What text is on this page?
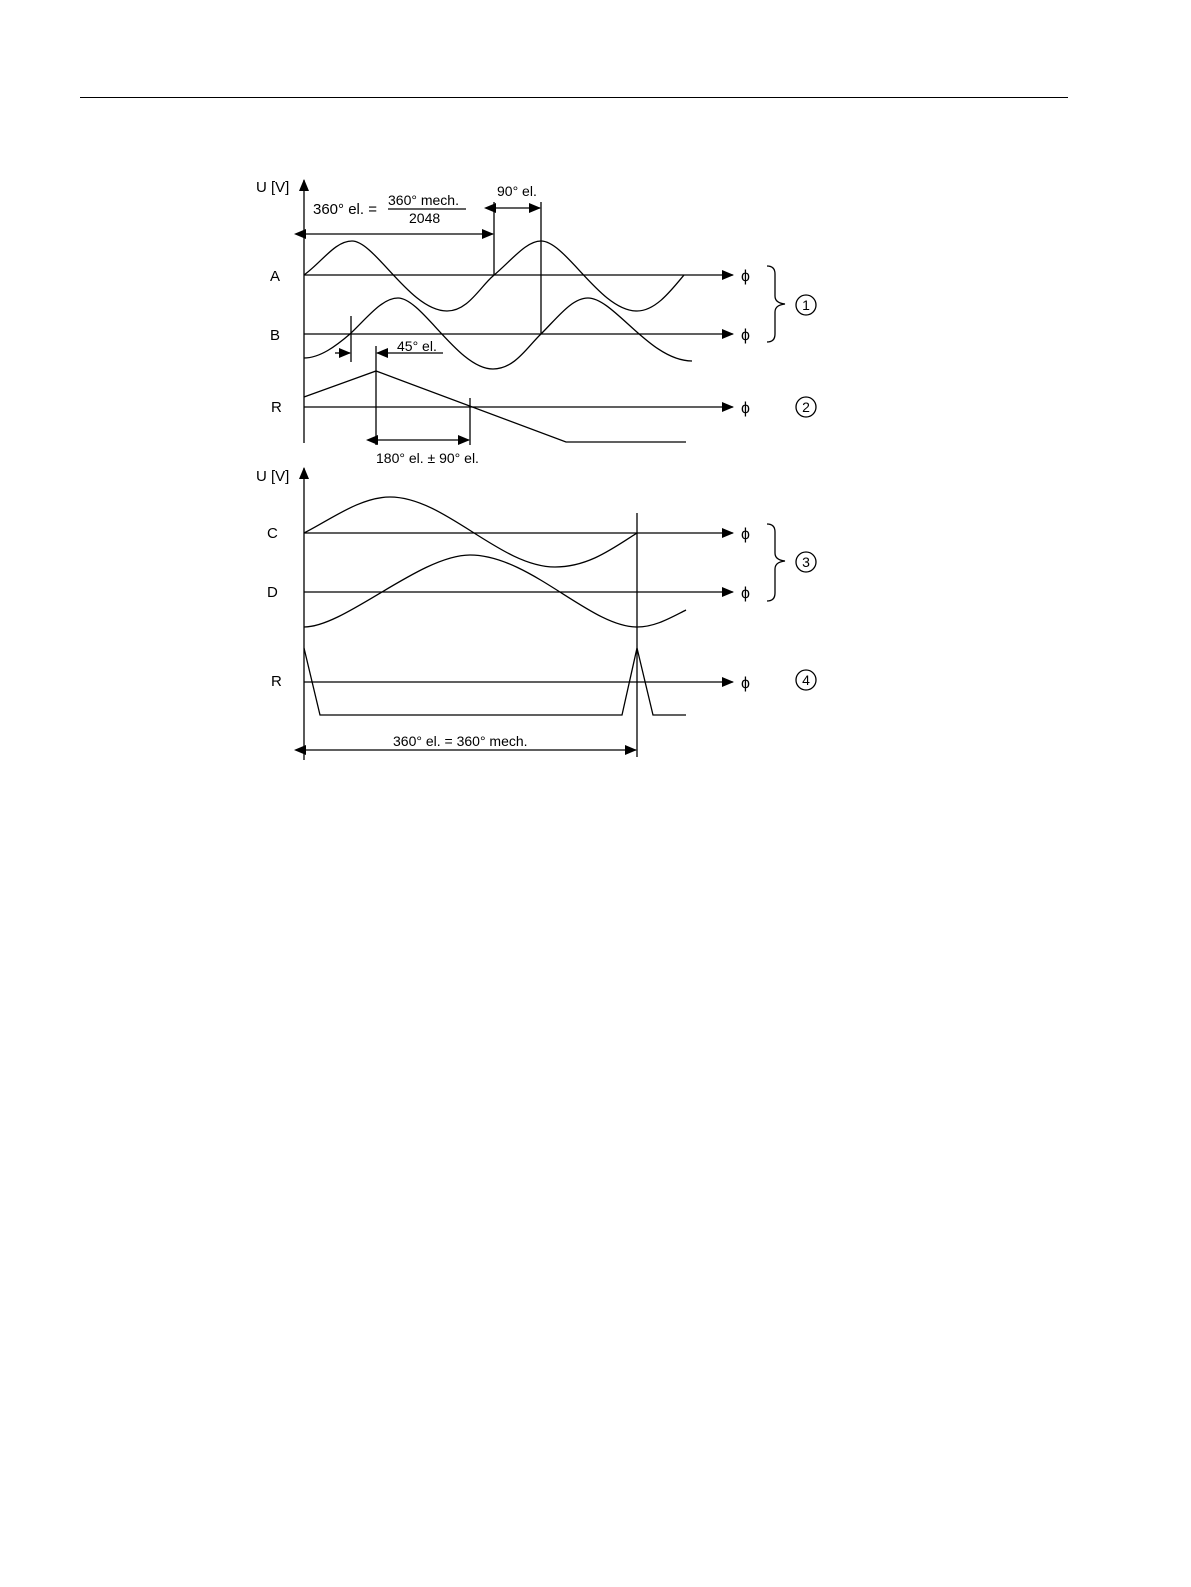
U [V]
A
B
R
360° el. =
360° mech.
2048
90° el.
45° el.
180° el. ± 90° el.
ϕ
ϕ
ϕ
1
2
U [V]
C
D
R
ϕ
ϕ
ϕ
360° el. = 360° mech.
3
4
